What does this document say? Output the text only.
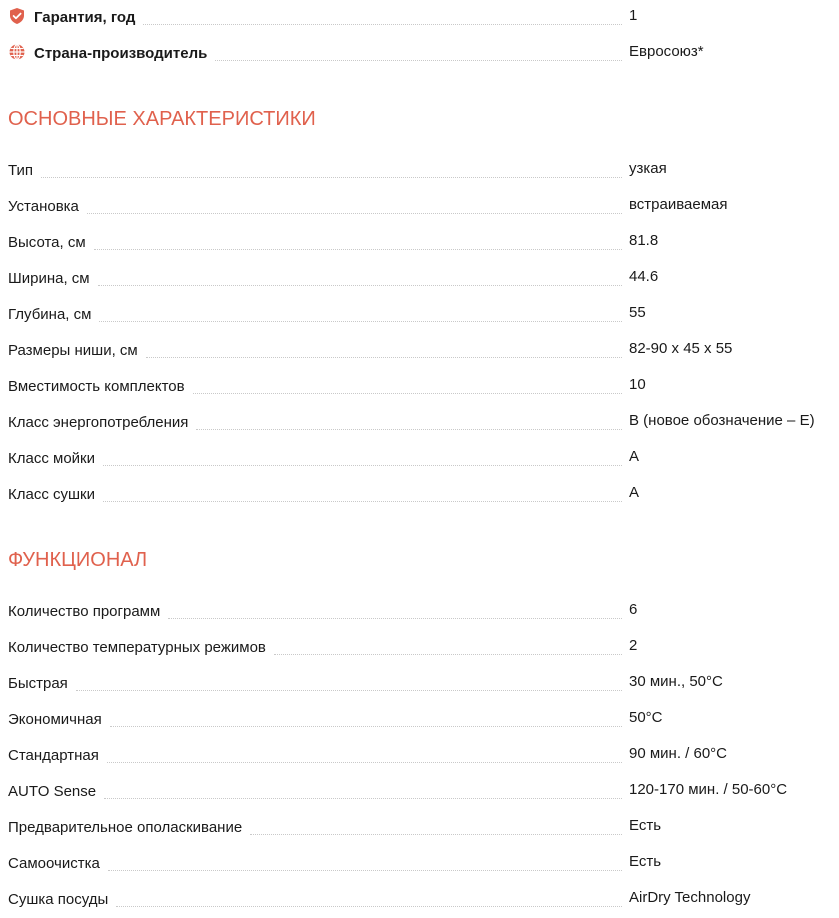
Гарантия, год	1
Страна-производитель	Евросоюз*
ОСНОВНЫЕ ХАРАКТЕРИСТИКИ
Тип	узкая
Установка	встраиваемая
Высота, см	81.8
Ширина, см	44.6
Глубина, см	55
Размеры ниши, см	82-90 х 45 х 55
Вместимость комплектов	10
Класс энергопотребления	В (новое обозначение – Е)
Класс мойки	А
Класс сушки	А
ФУНКЦИОНАЛ
Количество программ	6
Количество температурных режимов	2
Быстрая	30 мин., 50°C
Экономичная	50°C
Стандартная	90 мин. / 60°C
AUTO Sense	120-170 мин. / 50-60°C
Предварительное ополаскивание	Есть
Самоочистка	Есть
Сушка посуды	AirDry Technology
